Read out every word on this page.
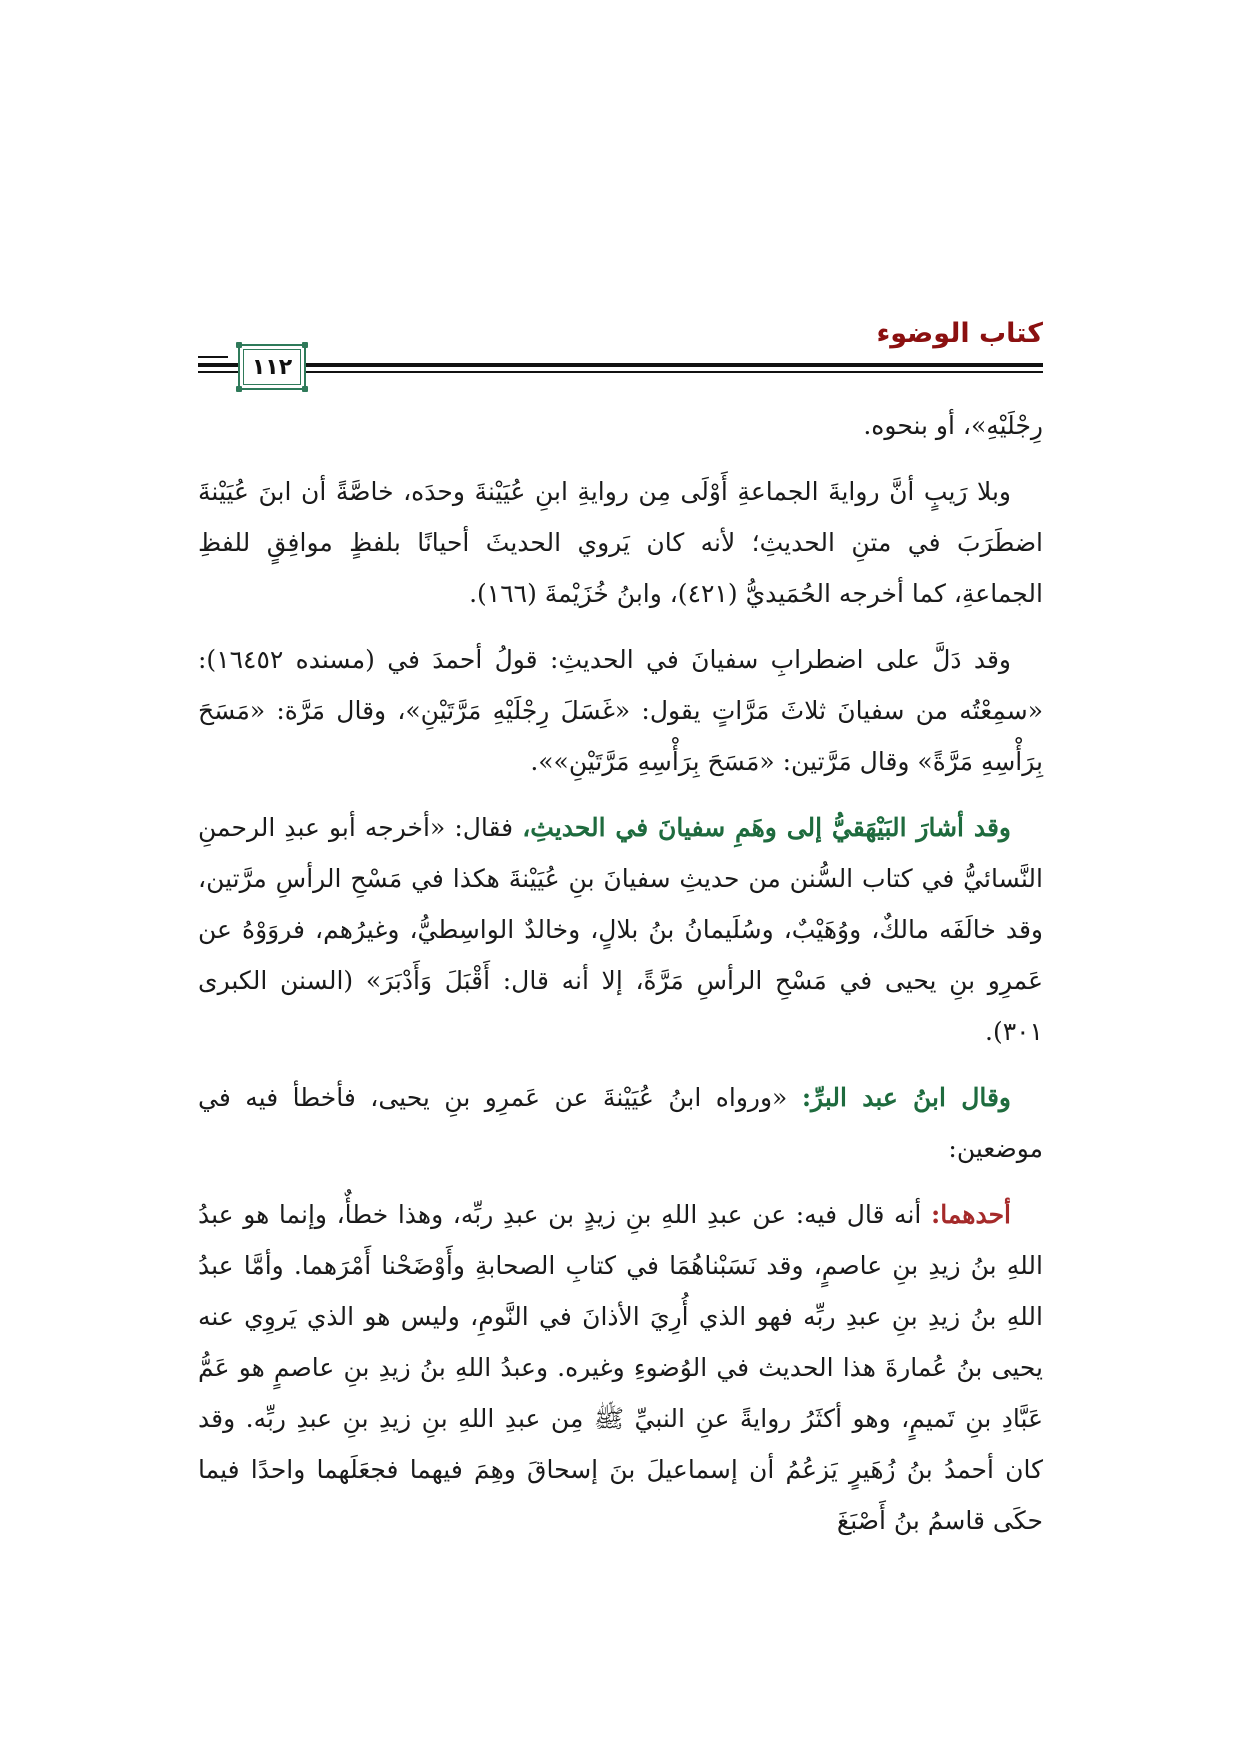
كتاب الوضوء
١١٢

رِجْلَيْهِ»، أو بنحوه.

وبلا رَيبٍ أنَّ روايةَ الجماعةِ أَوْلَى مِن روايةِ ابنِ عُيَيْنةَ وحدَه، خاصَّةً أن ابنَ عُيَيْنةَ اضطَرَبَ في متنِ الحديثِ؛ لأنه كان يَروي الحديثَ أحيانًا بلفظٍ موافِقٍ للفظِ الجماعةِ، كما أخرجه الحُمَيديُّ (٤٢١)، وابنُ خُزَيْمةَ (١٦٦).

وقد دَلَّ على اضطرابِ سفيانَ في الحديثِ: قولُ أحمدَ في (مسنده ١٦٤٥٢): «سمِعْتُه من سفيانَ ثلاثَ مَرَّاتٍ يقول: «غَسَلَ رِجْلَيْهِ مَرَّتَيْنِ»، وقال مَرَّة: «مَسَحَ بِرَأْسِهِ مَرَّةً» وقال مَرَّتين: «مَسَحَ بِرَأْسِهِ مَرَّتَيْنِ»».

وقد أشارَ البَيْهَقيُّ إلى وهَمِ سفيانَ في الحديثِ، فقال: «أخرجه أبو عبدِ الرحمنِ النَّسائيُّ في كتاب السُّنن من حديثِ سفيانَ بنِ عُيَيْنةَ هكذا في مَسْحِ الرأسِ مرَّتين، وقد خالَفَه مالكٌ، ووُهَيْبٌ، وسُلَيمانُ بنُ بلالٍ، وخالدٌ الواسِطيُّ، وغيرُهم، فروَوْهُ عن عَمرِو بنِ يحيى في مَسْحِ الرأسِ مَرَّةً، إلا أنه قال: أَقْبَلَ وَأَدْبَرَ» (السنن الكبرى ٣٠١).

وقال ابنُ عبد البرِّ: «ورواه ابنُ عُيَيْنةَ عن عَمرِو بنِ يحيى، فأخطأ فيه في موضعين:

أحدهما: أنه قال فيه: عن عبدِ اللهِ بنِ زيدٍ بن عبدِ ربِّه، وهذا خطأٌ، وإنما هو عبدُ اللهِ بنُ زيدِ بنِ عاصمٍ، وقد نَسَبْناهُمَا في كتابِ الصحابةِ وأَوْضَحْنا أَمْرَهما. وأمَّا عبدُ اللهِ بنُ زيدِ بنِ عبدِ ربِّه فهو الذي أُرِيَ الأذانَ في النَّومِ، وليس هو الذي يَروِي عنه يحيى بنُ عُمارةَ هذا الحديث في الوُضوءِ وغيره. وعبدُ اللهِ بنُ زيدِ بنِ عاصمٍ هو عَمُّ عَبَّادِ بنِ تَميمٍ، وهو أكثَرُ روايةً عنِ النبيِّ ﷺ مِن عبدِ اللهِ بنِ زيدِ بنِ عبدِ ربِّه. وقد كان أحمدُ بنُ زُهَيرٍ يَزعُمُ أن إسماعيلَ بنَ إسحاقَ وهِمَ فيهما فجعَلَهما واحدًا فيما حكَى قاسمُ بنُ أَصْبَغَ
